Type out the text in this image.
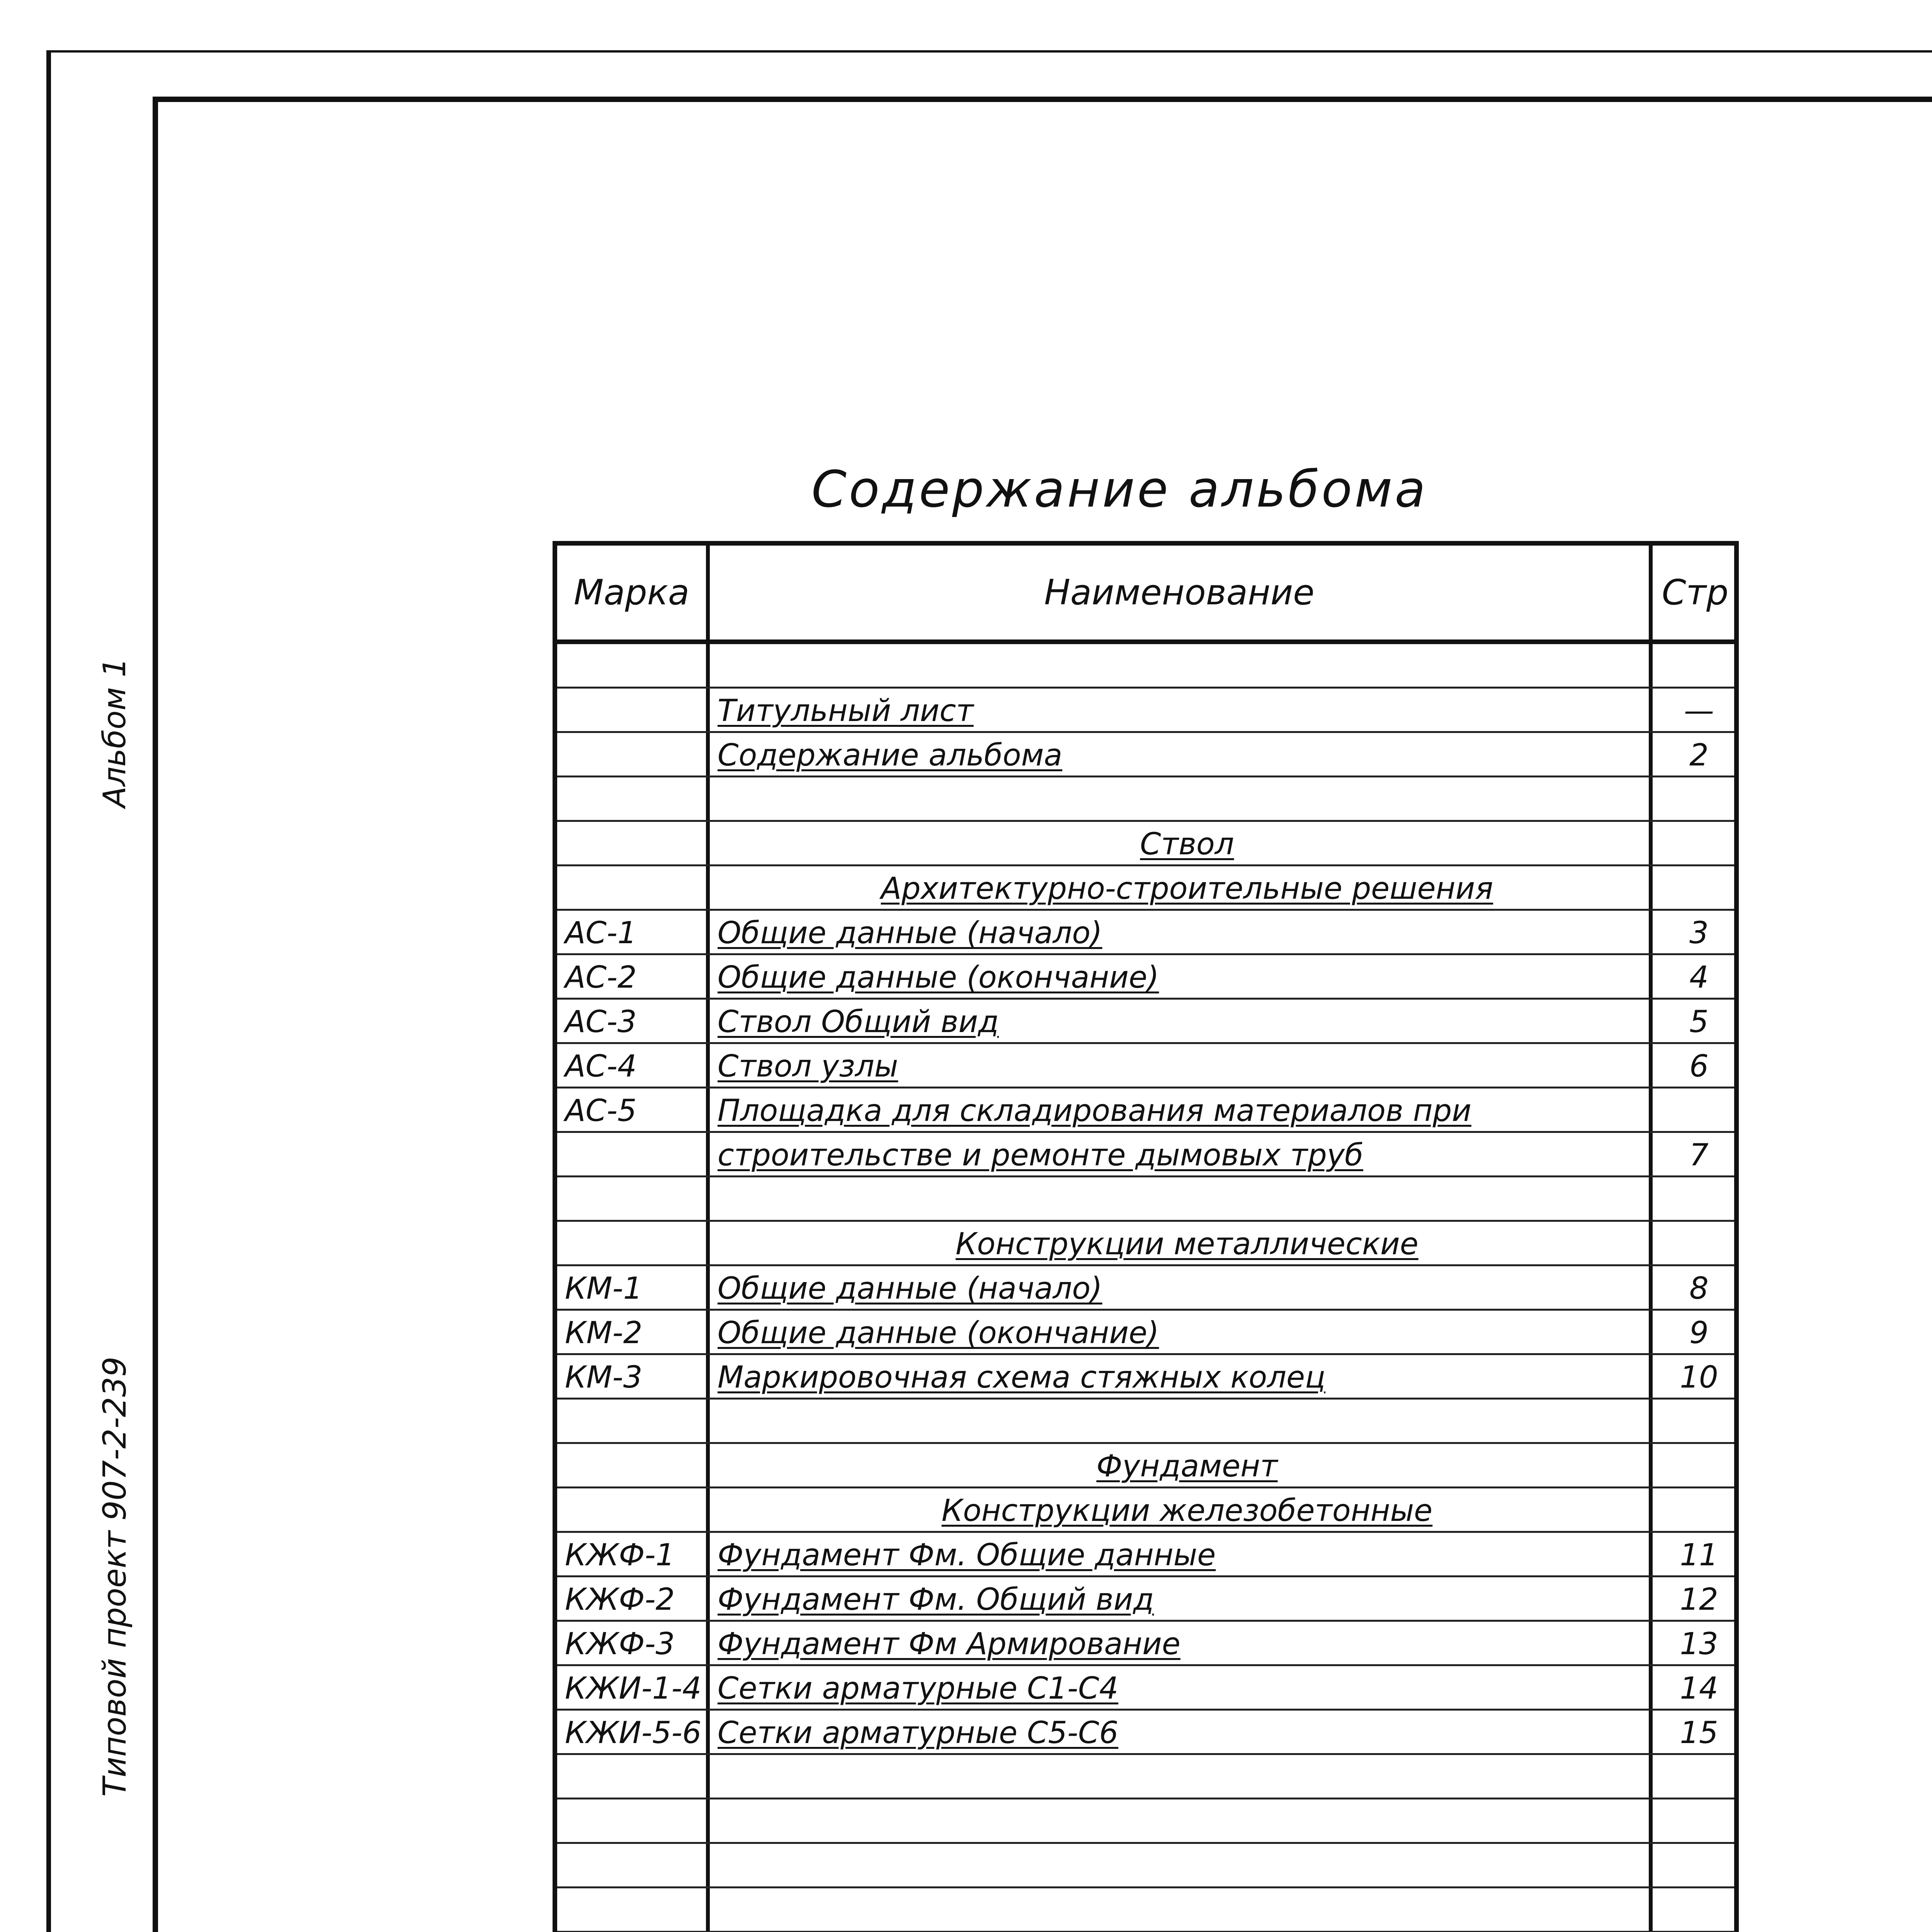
Альбом 1
Типовой проект 907-2-239
Содержание альбома
Марка	Наименование	Стр
Титульный лист	—
Содержание альбома	2
Ствол
Архитектурно-строительные решения
АС-1	Общие данные (начало)	3
АС-2	Общие данные (окончание)	4
АС-3	Ствол Общий вид	5
АС-4	Ствол узлы	6
АС-5	Площадка для складирования материалов при
строительстве и ремонте дымовых труб	7
Конструкции металлические
КМ-1 Общие данные (начало)	8
КМ-2 Общие данные (окончание)	9
КМ-3 Маркировочная схема стяжных колец	10
Фундамент
Конструкции железобетонные
КЖФ-1 Фундамент Фм. Общие данные	11
КЖФ-2 Фундамент Фм. Общий вид	12
КЖФ-3 Фундамент Фм Армирование	13
КЖИ-1-4 Сетки арматурные С1-С4	14
КЖИ-5-6 Сетки арматурные С5-С6	15
